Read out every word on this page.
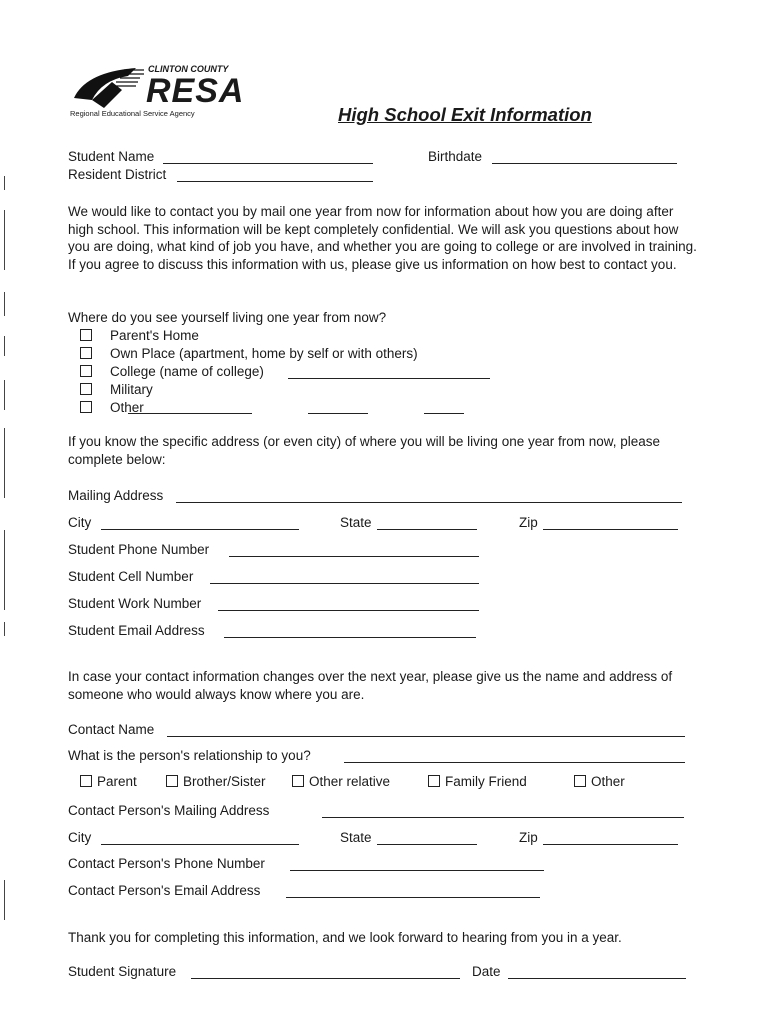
CLINTON COUNTY
RESA
Regional Educational Service Agency	High School Exit Information
Student Name	Birthdate
Resident District
We would like to contact you by mail one year from now for information about how you are doing after high school. This information will be kept completely confidential. We will ask you questions about how you are doing, what kind of job you have, and whether you are going to college or are involved in training. If you agree to discuss this information with us, please give us information on how best to contact you.
Where do you see yourself living one year from now?
Parent's Home
Own Place (apartment, home by self or with others)
College (name of college)
Military
Other
If you know the specific address (or even city) of where you will be living one year from now, please complete below:
Mailing Address
City	State	Zip
Student Phone Number
Student Cell Number
Student Work Number
Student Email Address
In case your contact information changes over the next year, please give us the name and address of someone who would always know where you are.
Contact Name
What is the person's relationship to you?
Parent	Brother/Sister	Other relative	Family Friend	Other
Contact Person's Mailing Address
City	State	Zip
Contact Person's Phone Number
Contact Person's Email Address
Thank you for completing this information, and we look forward to hearing from you in a year.
Student Signature	Date
